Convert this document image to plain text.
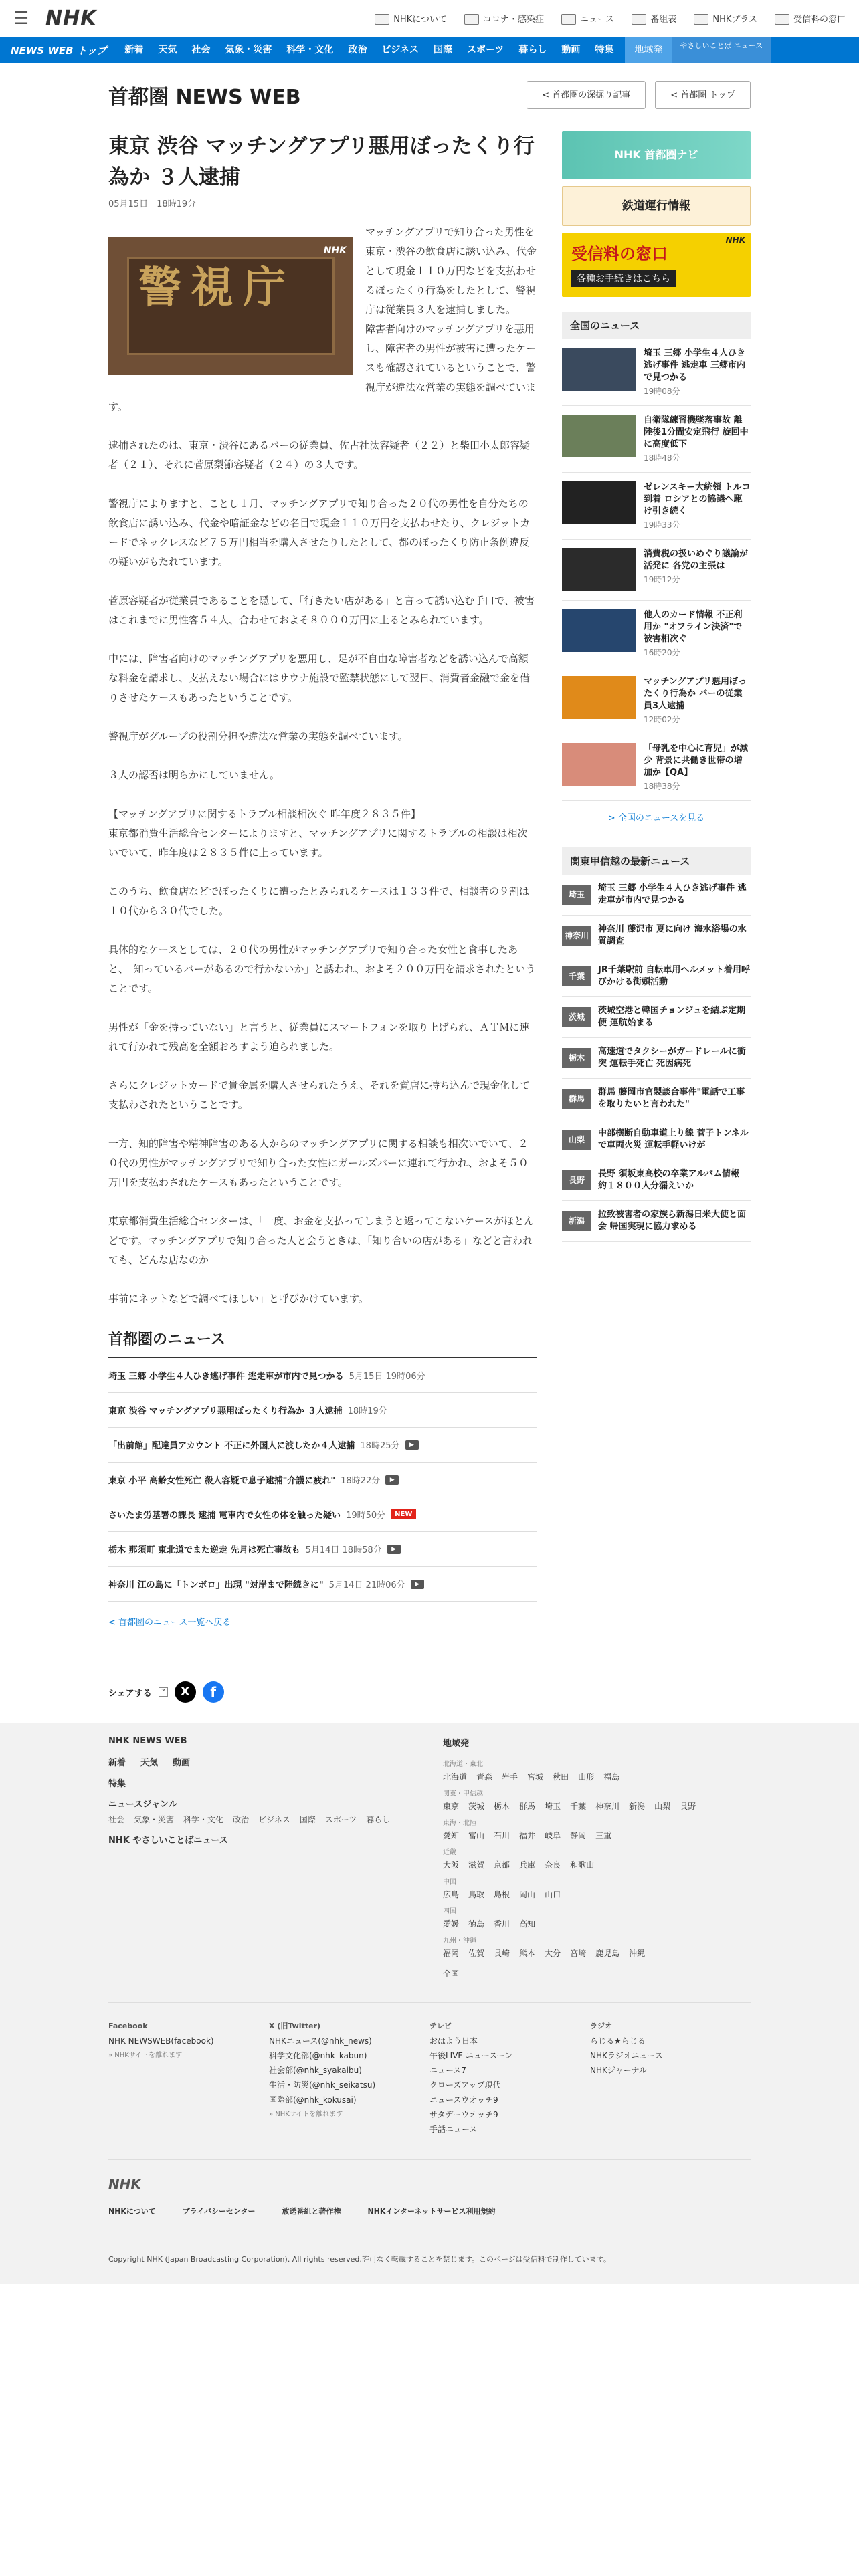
☰ NHK	NHKについて	コロナ・感染症	ニュース	番組表	NHKプラス	受信料の窓口
NEWS WEB トップ	新着	天気	社会	気象・災害	科学・文化	政治	ビジネス	国際	スポーツ	暮らし	動画	特集	地域発	やさしいことば ニュース
首都圏 NEWS WEB	< 首都圏の深掘り記事	< 首都圏 トップ
東京 渋谷 マッチングアプリ悪用ぼったくり行為か ３人逮捕
05月15日　18時19分
警視庁
NHK

マッチングアプリで知り合った男性を東京・渋谷の飲食店に誘い込み、代金として現金１１０万円などを支払わせるぼったくり行為をしたとして、警視庁は従業員３人を逮捕しました。
障害者向けのマッチングアプリを悪用し、障害者の男性が被害に遭ったケースも確認されているということで、警視庁が違法な営業の実態を調べています。

逮捕されたのは、東京・渋谷にあるバーの従業員、佐古社汰容疑者（２２）と柴田小太郎容疑者（２１）、それに菅原梨節容疑者（２４）の３人です。

警視庁によりますと、ことし１月、マッチングアプリで知り合った２０代の男性を自分たちの飲食店に誘い込み、代金や暗証金などの名目で現金１１０万円を支払わせたり、クレジットカードでネックレスなど７５万円相当を購入させたりしたとして、都のぼったくり防止条例違反の疑いがもたれています。

菅原容疑者が従業員であることを隠して、「行きたい店がある」と言って誘い込む手口で、被害はこれまでに男性客５４人、合わせておよそ８０００万円に上るとみられています。

中には、障害者向けのマッチングアプリを悪用し、足が不自由な障害者などを誘い込んで高額な料金を請求し、支払えない場合にはサウナ施設で監禁状態にして翌日、消費者金融で金を借りさせたケースもあったということです。

警視庁がグループの役割分担や違法な営業の実態を調べています。

３人の認否は明らかにしていません。

【マッチングアプリに関するトラブル相談相次ぐ 昨年度２８３５件】
東京都消費生活総合センターによりますと、マッチングアプリに関するトラブルの相談は相次いでいて、昨年度は２８３５件に上っています。

このうち、飲食店などでぼったくりに遭ったとみられるケースは１３３件で、相談者の９割は１０代から３０代でした。

具体的なケースとしては、２０代の男性がマッチングアプリで知り合った女性と食事したあと、「知っているバーがあるので行かないか」と誘われ、およそ２００万円を請求されたということです。

男性が「金を持っていない」と言うと、従業員にスマートフォンを取り上げられ、ＡＴＭに連れて行かれて残高を全額おろすよう迫られました。

さらにクレジットカードで貴金属を購入させられたうえ、それを質店に持ち込んで現金化して支払わされたということです。

一方、知的障害や精神障害のある人からのマッチングアプリに関する相談も相次いでいて、２０代の男性がマッチングアプリで知り合った女性にガールズバーに連れて行かれ、およそ５０万円を支払わされたケースもあったということです。

東京都消費生活総合センターは、「一度、お金を支払ってしまうと返ってこないケースがほとんどです。マッチングアプリで知り合った人と会うときは、「知り合いの店がある」などと言われても、どんな店なのか

事前にネットなどで調べてほしい」と呼びかけています。

首都圏のニュース
埼玉 三郷 小学生４人ひき逃げ事件 逃走車が市内で見つかる 5月15日 19時06分
東京 渋谷 マッチングアプリ悪用ぼったくり行為か ３人逮捕 18時19分
「出前館」配達員アカウント 不正に外国人に渡したか４人逮捕 18時25分	▶
東京 小平 高齢女性死亡 殺人容疑で息子逮捕"介護に疲れ" 18時22分	▶
さいたま労基署の課長 逮捕 電車内で女性の体を触った疑い 19時50分	NEW
栃木 那須町 東北道でまた逆走 先月は死亡事故も 5月14日 18時58分	▶
神奈川 江の島に「トンボロ」出現 "対岸まで陸続きに" 5月14日 21時06分	▶
< 首都圏のニュース一覧へ戻る
シェアする	?	X	f
NHK 首都圏ナビ
鉄道運行情報
受信料の窓口
各種お手続きはこちら
NHK
全国のニュース
埼玉 三郷 小学生４人ひき逃げ事件 逃走車 三郷市内で見つかる
19時08分
自衛隊練習機墜落事故 離陸後1分間安定飛行 旋回中に高度低下
18時48分
ゼレンスキー大統領 トルコ到着 ロシアとの協議へ駆け引き続く
19時33分
消費税の扱いめぐり議論が活発に 各党の主張は
19時12分
他人のカード情報 不正利用か "オフライン決済"で被害相次ぐ
16時20分
マッチングアプリ悪用ぼったくり行為か バーの従業員3人逮捕
12時02分
「母乳を中心に育児」が減少 背景に共働き世帯の増加か【QA】
18時38分
> 全国のニュースを見る
関東甲信越の最新ニュース
埼玉
埼玉 三郷 小学生４人ひき逃げ事件 逃走車が市内で見つかる
神奈川
神奈川 藤沢市 夏に向け 海水浴場の水質調査
千葉
JR千葉駅前 自転車用ヘルメット着用呼びかける街頭活動
茨城
茨城空港と韓国チョンジュを結ぶ定期便 運航始まる
栃木
高速道でタクシーがガードレールに衝突 運転手死亡 死因病死
群馬
群馬 藤岡市官製談合事件"電話で工事を取りたいと言われた"
山梨
中部横断自動車道上り線 菅子トンネルで車両火災 運転手軽いけが
長野
長野 須坂東高校の卒業アルバム情報 約１８００人分漏えいか
新潟
拉致被害者の家族ら新潟日米大使と面会 帰国実現に協力求める
NHK NEWS WEB
新着 天気 動画
特集
ニュースジャンル
社会 気象・災害 科学・文化 政治 ビジネス 国際 スポーツ 暮らし
NHK やさしいことばニュース
地域発
北海道・東北
北海道 青森 岩手 宮城 秋田 山形 福島
関東・甲信越
東京 茨城 栃木 群馬 埼玉 千葉 神奈川 新潟 山梨 長野
東海・北陸
愛知 富山 石川 福井 岐阜 静岡 三重
近畿
大阪 滋賀 京都 兵庫 奈良 和歌山
中国
広島 鳥取 島根 岡山 山口
四国
愛媛 徳島 香川 高知
九州・沖縄
福岡 佐賀 長崎 熊本 大分 宮崎 鹿児島 沖縄
全国
Facebook
NHK NEWSWEB(facebook)
» NHKサイトを離れます
X (旧Twitter)
NHKニュース(@nhk_news)
科学文化部(@nhk_kabun)
社会部(@nhk_syakaibu)
生活・防災(@nhk_seikatsu)
国際部(@nhk_kokusai)
» NHKサイトを離れます
テレビ
おはよう日本
午後LIVE ニュースーン
ニュース7
クローズアップ現代
ニュースウオッチ9
サタデーウオッチ9
手話ニュース
ラジオ
らじる★らじる
NHKラジオニュース
NHKジャーナル
NHK
NHKについて	プライバシーセンター	放送番組と著作権	NHKインターネットサービス利用規約
Copyright NHK (Japan Broadcasting Corporation). All rights reserved.許可なく転載することを禁じます。このページは受信料で制作しています。
